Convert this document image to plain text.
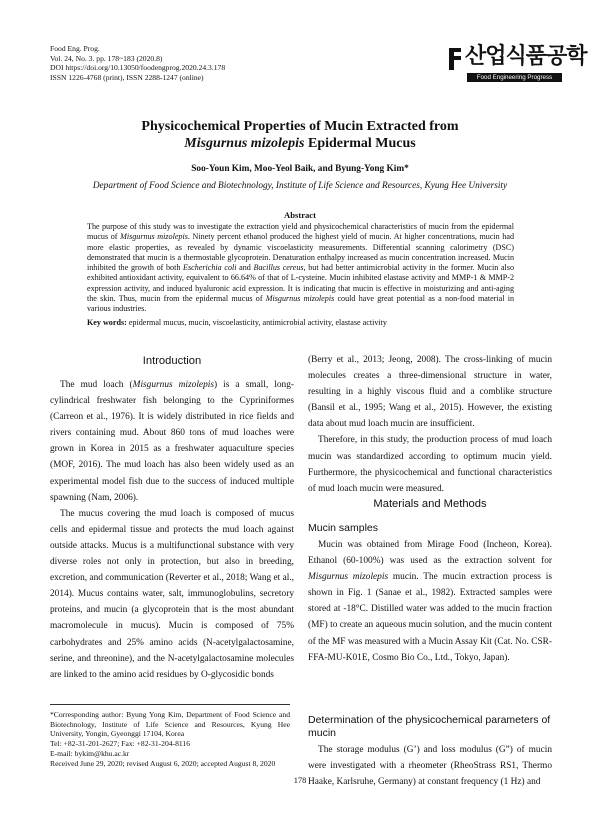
Food Eng. Prog.
Vol. 24, No. 3. pp. 178~183 (2020.8)
DOI https://doi.org/10.13050/foodengprog.2020.24.3.178
ISSN 1226-4768 (print), ISSN 2288-1247 (online)
산업식품공학
Food Engineering Progress
Physicochemical Properties of Mucin Extracted from
Misgurnus mizolepis Epidermal Mucus
Soo-Youn Kim, Moo-Yeol Baik, and Byung-Yong Kim*
Department of Food Science and Biotechnology, Institute of Life Science and Resources, Kyung Hee University
Abstract

The purpose of this study was to investigate the extraction yield and physicochemical characteristics of mucin from the epidermal mucus of Misgurnus mizolepis. Ninety percent ethanol produced the highest yield of mucin. At higher concentrations, mucin had more elastic properties, as revealed by dynamic viscoelasticity measurements. Differential scanning calorimetry (DSC) demonstrated that mucin is a thermostable glycoprotein. Denaturation enthalpy increased as mucin concentration increased. Mucin inhibited the growth of both Escherichia coli and Bacillus cereus, but had better antimicrobial activity in the former. Mucin also exhibited antioxidant activity, equivalent to 66.64% of that of L-cysteine. Mucin inhibited elastase activity and MMP-1 & MMP-2 expression activity, and induced hyaluronic acid expression. It is indicating that mucin is effective in moisturizing and anti-aging the skin. Thus, mucin from the epidermal mucus of Misgurnus mizolepis could have great potential as a non-food material in various industries.

Key words: epidermal mucus, mucin, viscoelasticity, antimicrobial activity, elastase activity
Introduction

The mud loach (Misgurnus mizolepis) is a small, long-cylindrical freshwater fish belonging to the Cypriniformes (Carreon et al., 1976). It is widely distributed in rice fields and rivers containing mud. About 860 tons of mud loaches were grown in Korea in 2015 as a freshwater aquaculture species (MOF, 2016). The mud loach has also been widely used as an experimental model fish due to the success of induced multiple spawning (Nam, 2006).

The mucus covering the mud loach is composed of mucus cells and epidermal tissue and protects the mud loach against outside attacks. Mucus is a multifunctional substance with very diverse roles not only in protection, but also in breeding, excretion, and communication (Reverter et al., 2018; Wang et al., 2014). Mucus contains water, salt, immunoglobulins, secretory proteins, and mucin (a glycoprotein that is the most abundant macromolecule in mucus). Mucin is composed of 75% carbohydrates and 25% amino acids (N-acetylgalactosamine, serine, and threonine), and the N-acetylgalactosamine molecules are linked to the amino acid residues by O-glycosidic bonds

*Corresponding author: Byung Yong Kim, Department of Food Science and Biotechnology, Institute of Life Science and Resources, Kyung Hee University, Yongin, Gyeonggi 17104, Korea

Tel: +82-31-201-2627; Fax: +82-31-204-8116

E-mail: bykim@khu.ac.kr

Received June 29, 2020; revised August 6, 2020; accepted August 8, 2020

(Berry et al., 2013; Jeong, 2008). The cross-linking of mucin molecules creates a three-dimensional structure in water, resulting in a highly viscous fluid and a comblike structure (Bansil et al., 1995; Wang et al., 2015). However, the existing data about mud loach mucin are insufficient.

Therefore, in this study, the production process of mud loach mucin was standardized according to optimum mucin yield. Furthermore, the physicochemical and functional characteristics of mud loach mucin were measured.

Materials and Methods
Mucin samples

Mucin was obtained from Mirage Food (Incheon, Korea). Ethanol (60-100%) was used as the extraction solvent for Misgurnus mizolepis mucin. The mucin extraction process is shown in Fig. 1 (Sanae et al., 1982). Extracted samples were stored at -18°C. Distilled water was added to the mucin fraction (MF) to create an aqueous mucin solution, and the mucin content of the MF was measured with a Mucin Assay Kit (Cat. No. CSR-FFA-MU-K01E, Cosmo Bio Co., Ltd., Tokyo, Japan).

Determination of the physicochemical parameters of mucin

The storage modulus (G’) and loss modulus (G”) of mucin were investigated with a rheometer (RheoStrass RS1, Thermo Haake, Karlsruhe, Germany) at constant frequency (1 Hz) and

178
